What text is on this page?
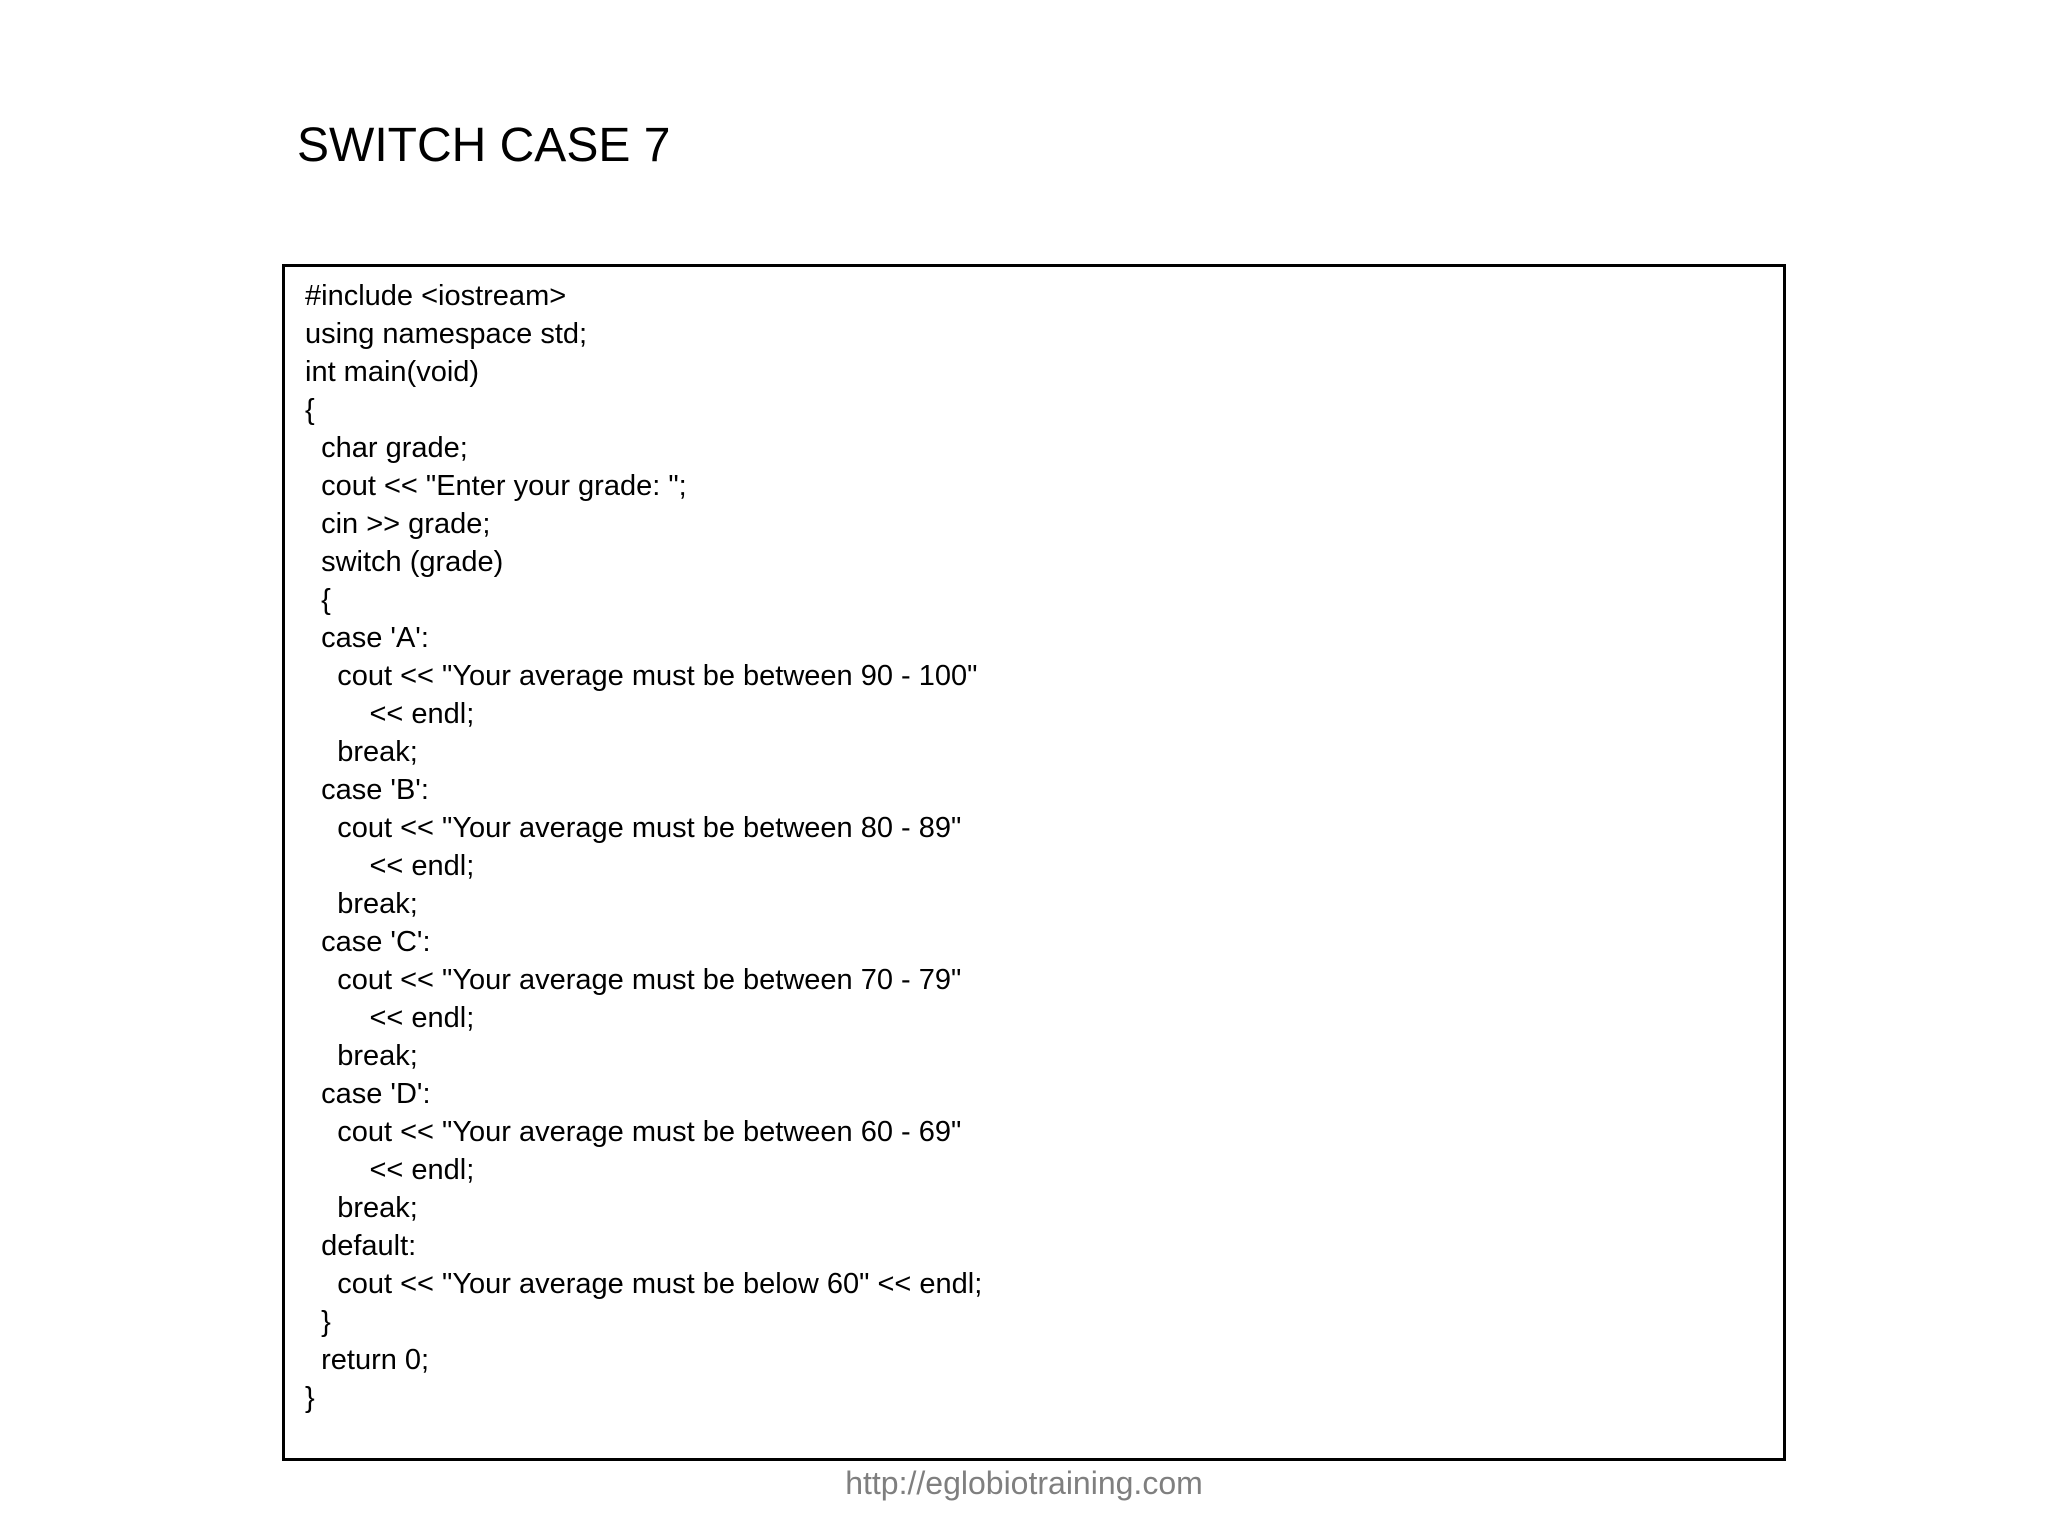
SWITCH CASE 7
#include <iostream>
using namespace std;
int main(void)
{
char grade;
cout << "Enter your grade: ";
cin >> grade;
switch (grade)
{
case 'A':
cout << "Your average must be between 90 - 100"
<< endl;
break;
case 'B':
cout << "Your average must be between 80 - 89"
<< endl;
break;
case 'C':
cout << "Your average must be between 70 - 79"
<< endl;
break;
case 'D':
cout << "Your average must be between 60 - 69"
<< endl;
break;
default:
cout << "Your average must be below 60" << endl;
}
return 0;
}
http://eglobiotraining.com
